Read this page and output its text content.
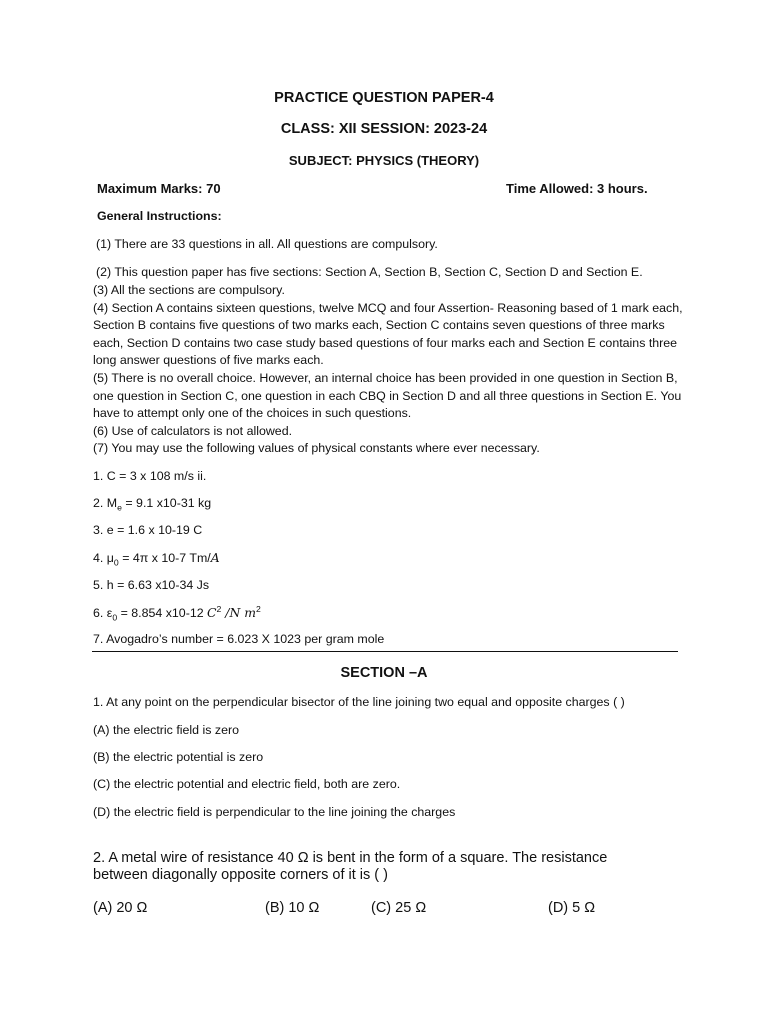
PRACTICE QUESTION PAPER-4
CLASS: XII SESSION: 2023-24
SUBJECT: PHYSICS (THEORY)
Maximum Marks: 70	Time Allowed: 3 hours.
General Instructions:
(1) There are 33 questions in all. All questions are compulsory.
(2) This question paper has five sections: Section A, Section B, Section C, Section D and Section E.

(3) All the sections are compulsory.

(4) Section A contains sixteen questions, twelve MCQ and four Assertion- Reasoning based of 1 mark each, Section B contains five questions of two marks each, Section C contains seven questions of three marks each, Section D contains two case study based questions of four marks each and Section E contains three long answer questions of five marks each.

(5) There is no overall choice. However, an internal choice has been provided in one question in Section B, one question in Section C, one question in each CBQ in Section D and all three questions in Section E. You have to attempt only one of the choices in such questions.

(6) Use of calculators is not allowed.

(7) You may use the following values of physical constants where ever necessary.

1. C = 3 x 108 m/s ii.
2. $M_e = 9.1$ x10-31 kg
3. e = 1.6 x 10-19 C
4. $\mu_0 = 4\pi$ x 10-7 Tm/A
5. h = 6.63 x10-34 Js
6. $\varepsilon_0 = 8.854$ x10-12 $C^2$ /N $m^2$
7. Avogadro’s number = 6.023 X 1023 per gram mole
SECTION –A
1. At any point on the perpendicular bisector of the line joining two equal and opposite charges ( )
(A) the electric field is zero
(B) the electric potential is zero
(C) the electric potential and electric field, both are zero.
(D) the electric field is perpendicular to the line joining the charges
2. A metal wire of resistance 40 Ω is bent in the form of a square. The resistance
between diagonally opposite corners of it is ( )
(A) 20 Ω	(B) 10 Ω	(C) 25 Ω	(D) 5 Ω
